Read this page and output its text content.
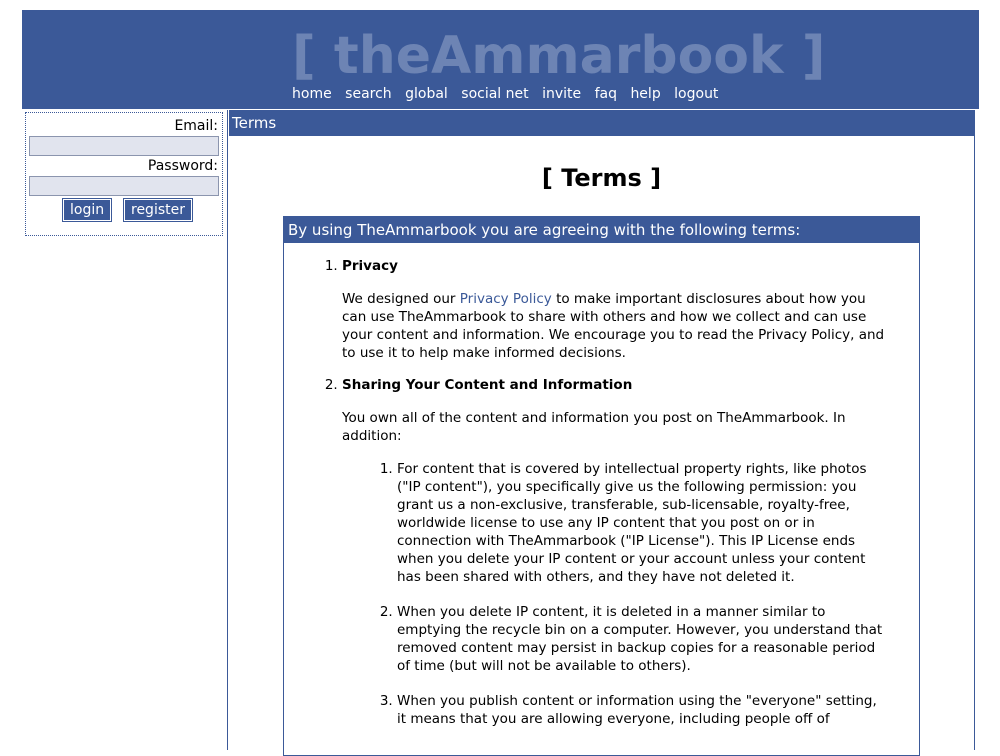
[ theAmmarbook ]
home search global social net invite faq help logout
Email:
Password:
login	register
Terms
[ Terms ]
By using TheAmmarbook you are agreeing with the following terms:
1. Privacy
We designed our Privacy Policy to make important disclosures about how you can use TheAmmarbook to share with others and how we collect and can use your content and information. We encourage you to read the Privacy Policy, and to use it to help make informed decisions.
2. Sharing Your Content and Information
You own all of the content and information you post on TheAmmarbook. In addition:
1. For content that is covered by intellectual property rights, like photos ("IP content"), you specifically give us the following permission: you grant us a non-exclusive, transferable, sub-licensable, royalty-free, worldwide license to use any IP content that you post on or in connection with TheAmmarbook ("IP License"). This IP License ends when you delete your IP content or your account unless your content has been shared with others, and they have not deleted it.
2. When you delete IP content, it is deleted in a manner similar to emptying the recycle bin on a computer. However, you understand that removed content may persist in backup copies for a reasonable period of time (but will not be available to others).
3. When you publish content or information using the "everyone" setting, it means that you are allowing everyone, including people off of
